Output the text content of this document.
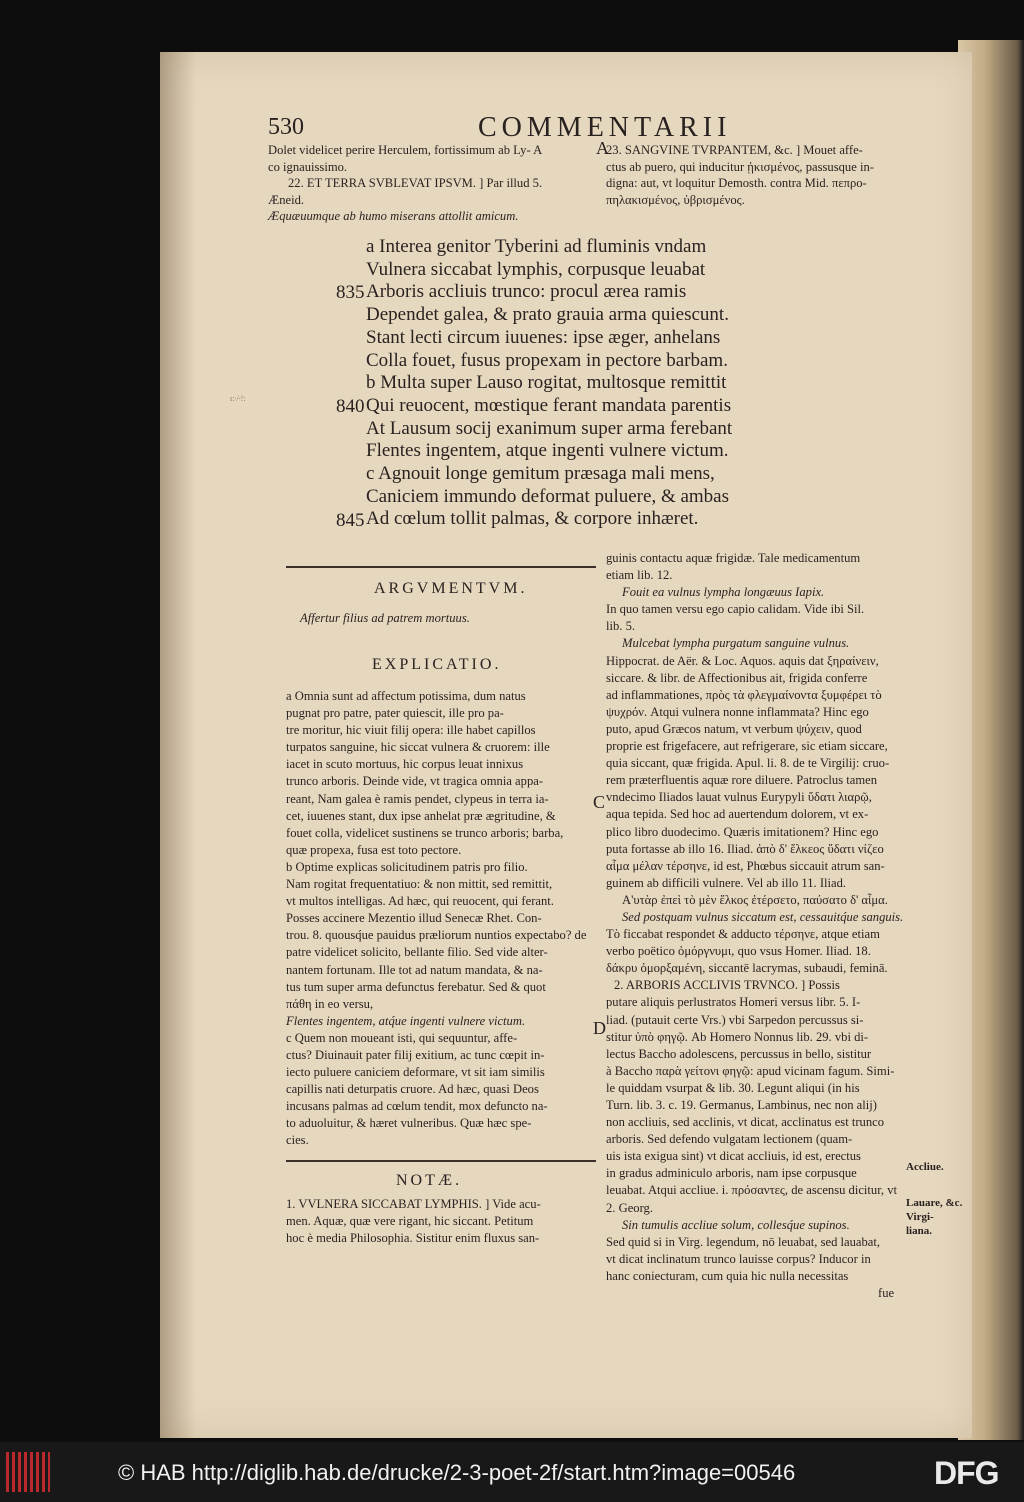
530	COMMENTARII
Dolet videlicet perire Herculem, fortissimum ab Ly- A
co ignauissimo.
22. ET TERRA SVBLEVAT IPSVM. ] Par illud 5.
Æneid.
Æquæuumque ab humo miserans attollit amicum.
23. SANGVINE TVRPANTEM, &c. ] Mouet affe-
ctus ab puero, qui inducitur ᾐκισμένος, passusque in-
digna: aut, vt loquitur Demosth. contra Mid. πεπρο-
πηλακισμένος, ὑβρισμένος.
a Interea genitor Tyberini ad fluminis vndam
Vulnera siccabat lymphis, corpusque leuabat
Arboris accliuis trunco: procul ærea ramis
Dependet galea, & prato grauia arma quiescunt.
Stant lecti circum iuuenes: ipse æger, anhelans
Colla fouet, fusus propexam in pectore barbam.
b Multa super Lauso rogitat, multosque remittit
Qui reuocent, mœstique ferant mandata parentis
At Lausum socij exanimum super arma ferebant
Flentes ingentem, atque ingenti vulnere victum.
c Agnouit longe gemitum præsaga mali mens,
Caniciem immundo deformat puluere, & ambas
Ad cœlum tollit palmas, & corpore inhæret.
835
840
845
ı:∙/∙!:
ARGVMENTVM.
Affertur filius ad patrem mortuus.
EXPLICATIO.
a Omnia sunt ad affectum potissima, dum natus
pugnat pro patre, pater quiescit, ille pro pa-
tre moritur, hic viuit filij opera: ille habet capillos
turpatos sanguine, hic siccat vulnera & cruorem: ille
iacet in scuto mortuus, hic corpus leuat innixus
trunco arboris. Deinde vide, vt tragica omnia appa-
reant, Nam galea è ramis pendet, clypeus in terra ia-
cet, iuuenes stant, dux ipse anhelat præ ægritudine, &
fouet colla, videlicet sustinens se trunco arboris; barba,
quæ propexa, fusa est toto pectore.
b Optime explicas solicitudinem patris pro filio.
Nam rogitat frequentatiuo: & non mittit, sed remittit,
vt multos intelligas. Ad hæc, qui reuocent, qui ferant.
Posses accinere Mezentio illud Senecæ Rhet. Con-
trou. 8. quousq́ue pauidus præliorum nuntios expectabo? de
patre videlicet solicito, bellante filio. Sed vide alter-
nantem fortunam. Ille tot ad natum mandata, & na-
tus tum super arma defunctus ferebatur. Sed & quot
πάθη in eo versu,
Flentes ingentem, atq́ue ingenti vulnere victum.
c Quem non moueant isti, qui sequuntur, affe-
ctus? Diuinauit pater filij exitium, ac tunc cœpit in-
iecto puluere caniciem deformare, vt sit iam similis
capillis nati deturpatis cruore. Ad hæc, quasi Deos
incusans palmas ad cœlum tendit, mox defuncto na-
to aduoluitur, & hæret vulneribus. Quæ hæc spe-
cies.
NOTÆ.
1. VVLNERA SICCABAT LYMPHIS. ] Vide acu-
men. Aquæ, quæ vere rigant, hic siccant. Petitum
hoc è media Philosophia. Sistitur enim fluxus san-
guinis contactu aquæ frigidæ. Tale medicamentum
etiam lib. 12.
Fouit ea vulnus lympha longæuus Iapix.
In quo tamen versu ego capio calidam. Vide ibi Sil.
lib. 5.
Mulcebat lympha purgatum sanguine vulnus.
Hippocrat. de Aër. & Loc. Aquos. aquis dat ξηραίνειν,
siccare. & libr. de Affectionibus ait, frigida conferre
ad inflammationes, πρὸς τὰ φλεγμαίνοντα ξυμφέρει τὸ
ψυχρόν. Atqui vulnera nonne inflammata? Hinc ego
puto, apud Græcos natum, vt verbum ψύχειν, quod
proprie est frigefacere, aut refrigerare, sic etiam siccare,
quia siccant, quæ frigida. Apul. li. 8. de te Virgilij: cruo-
rem præterfluentis aquæ rore diluere. Patroclus tamen
vndecimo Iliados lauat vulnus Eurypyli ὕδατι λιαρῷ,
aqua tepida. Sed hoc ad auertendum dolorem, vt ex-
plico libro duodecimo. Quæris imitationem? Hinc ego
puta fortasse ab illo 16. Iliad. ἀπὸ δ' ἕλκεος ὕδατι νίζεο
αἷμα μέλαν τέρσηνε, id est, Phœbus siccauit atrum san-
guinem ab difficili vulnere. Vel ab illo 11. Iliad.
Α'υτὰρ ἐπεὶ τὸ μὲν ἕλκος ἐτέρσετο, παύσατο δ' αἷμα.
Sed postquam vulnus siccatum est, cessauitq́ue sanguis.
Τὸ ficcabat respondet & adducto τέρσηνε, atque etiam
verbo poëtico ὀμόργνυμι, quo vsus Homer. Iliad. 18.
δάκρυ ὀμορξαμένη, siccantē lacrymas, subaudi, feminā.
2. ARBORIS ACCLIVIS TRVNCO. ] Possis
putare aliquis perlustratos Homeri versus libr. 5. I-
liad. (putauit certe Vrs.) vbi Sarpedon percussus si-
stitur ὑπὸ φηγῷ. Ab Homero Nonnus lib. 29. vbi di-
lectus Baccho adolescens, percussus in bello, sistitur
à Baccho παρὰ γείτονι φηγῷ: apud vicinam fagum. Simi-
le quiddam vsurpat & lib. 30. Legunt aliqui (in his
Turn. lib. 3. c. 19. Germanus, Lambinus, nec non alij)
non accliuis, sed acclinis, vt dicat, acclinatus est trunco
arboris. Sed defendo vulgatam lectionem (quam-
uis ista exigua sint) vt dicat accliuis, id est, erectus
in gradus adminiculo arboris, nam ipse corpusque
leuabat. Atqui accliue. i. πρόσαντες, de ascensu dicitur, vt
2. Georg.
Sin tumulis accliue solum, collesq́ue supinos.
Sed quid si in Virg. legendum, nō leuabat, sed lauabat,
vt dicat inclinatum trunco lauisse corpus? Inducor in
hanc coniecturam, cum quia hic nulla necessitas
fue
A
C
D
Accliue.
Lauare, &c.
Virgi-
liana.
© HAB http://diglib.hab.de/drucke/2-3-poet-2f/start.htm?image=00546	DFG
